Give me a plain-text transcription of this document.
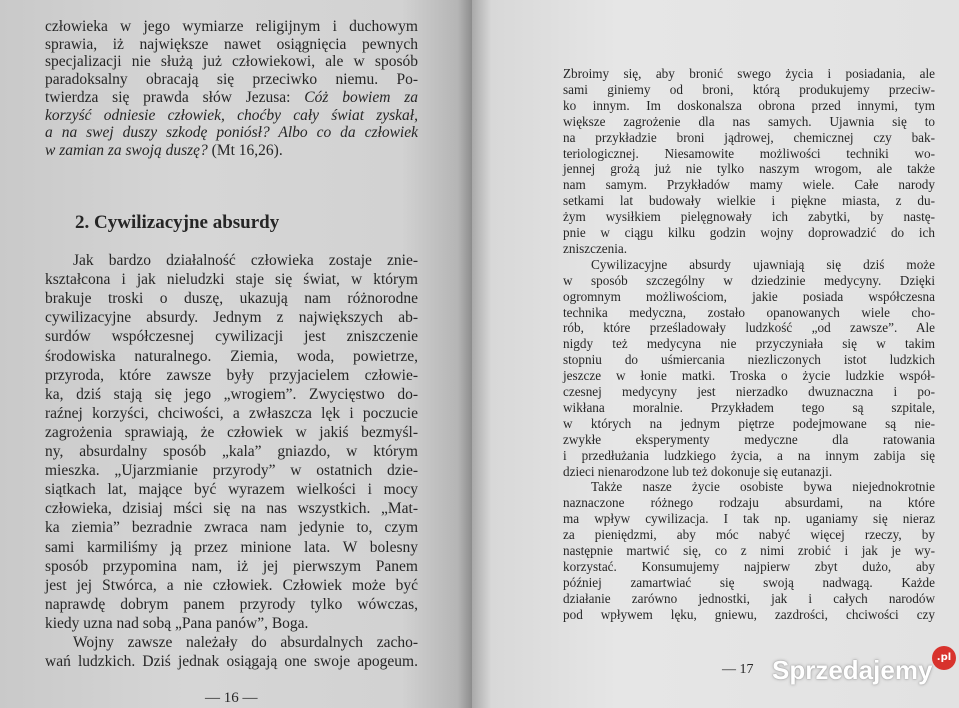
człowieka w jego wymiarze religijnym i duchowym
sprawia, iż największe nawet osiągnięcia pewnych
specjalizacji nie służą już człowiekowi, ale w sposób
paradoksalny obracają się przeciwko niemu. Po-
twierdza się prawda słów Jezusa: Cóż bowiem za
korzyść odniesie człowiek, choćby cały świat zyskał,
a na swej duszy szkodę poniósł? Albo co da człowiek
w zamian za swoją duszę? (Mt 16,26).
2. Cywilizacyjne absurdy
Jak bardzo działalność człowieka zostaje znie-
kształcona i jak nieludzki staje się świat, w którym
brakuje troski o duszę, ukazują nam różnorodne
cywilizacyjne absurdy. Jednym z największych ab-
surdów współczesnej cywilizacji jest zniszczenie
środowiska naturalnego. Ziemia, woda, powietrze,
przyroda, które zawsze były przyjacielem człowie-
ka, dziś stają się jego „wrogiem”. Zwycięstwo do-
raźnej korzyści, chciwości, a zwłaszcza lęk i poczucie
zagrożenia sprawiają, że człowiek w jakiś bezmyśl-
ny, absurdalny sposób „kala” gniazdo, w którym
mieszka. „Ujarzmianie przyrody” w ostatnich dzie-
siątkach lat, mające być wyrazem wielkości i mocy
człowieka, dzisiaj mści się na nas wszystkich. „Mat-
ka ziemia” bezradnie zwraca nam jedynie to, czym
sami karmiliśmy ją przez minione lata. W bolesny
sposób przypomina nam, iż jej pierwszym Panem
jest jej Stwórca, a nie człowiek. Człowiek może być
naprawdę dobrym panem przyrody tylko wówczas,
kiedy uzna nad sobą „Pana panów”, Boga.
Wojny zawsze należały do absurdalnych zacho-
wań ludzkich. Dziś jednak osiągają one swoje apogeum.
— 16 —
Zbroimy się, aby bronić swego życia i posiadania, ale
sami giniemy od broni, którą produkujemy przeciw-
ko innym. Im doskonalsza obrona przed innymi, tym
większe zagrożenie dla nas samych. Ujawnia się to
na przykładzie broni jądrowej, chemicznej czy bak-
teriologicznej. Niesamowite możliwości techniki wo-
jennej grożą już nie tylko naszym wrogom, ale także
nam samym. Przykładów mamy wiele. Całe narody
setkami lat budowały wielkie i piękne miasta, z du-
żym wysiłkiem pielęgnowały ich zabytki, by nastę-
pnie w ciągu kilku godzin wojny doprowadzić do ich
zniszczenia.
Cywilizacyjne absurdy ujawniają się dziś może
w sposób szczególny w dziedzinie medycyny. Dzięki
ogromnym możliwościom, jakie posiada współczesna
technika medyczna, zostało opanowanych wiele cho-
rób, które prześladowały ludzkość „od zawsze”. Ale
nigdy też medycyna nie przyczyniała się w takim
stopniu do uśmiercania niezliczonych istot ludzkich
jeszcze w łonie matki. Troska o życie ludzkie współ-
czesnej medycyny jest nierzadko dwuznaczna i po-
wikłana moralnie. Przykładem tego są szpitale,
w których na jednym piętrze podejmowane są nie-
zwykłe eksperymenty medyczne dla ratowania
i przedłużania ludzkiego życia, a na innym zabija się
dzieci nienarodzone lub też dokonuje się eutanazji.
Także nasze życie osobiste bywa niejednokrotnie
naznaczone różnego rodzaju absurdami, na które
ma wpływ cywilizacja. I tak np. uganiamy się nieraz
za pieniędzmi, aby móc nabyć więcej rzeczy, by
następnie martwić się, co z nimi zrobić i jak je wy-
korzystać. Konsumujemy najpierw zbyt dużo, aby
później zamartwiać się swoją nadwagą. Każde
działanie zarówno jednostki, jak i całych narodów
pod wpływem lęku, gniewu, zazdrości, chciwości czy
— 17 Sprzedajemy .pl
